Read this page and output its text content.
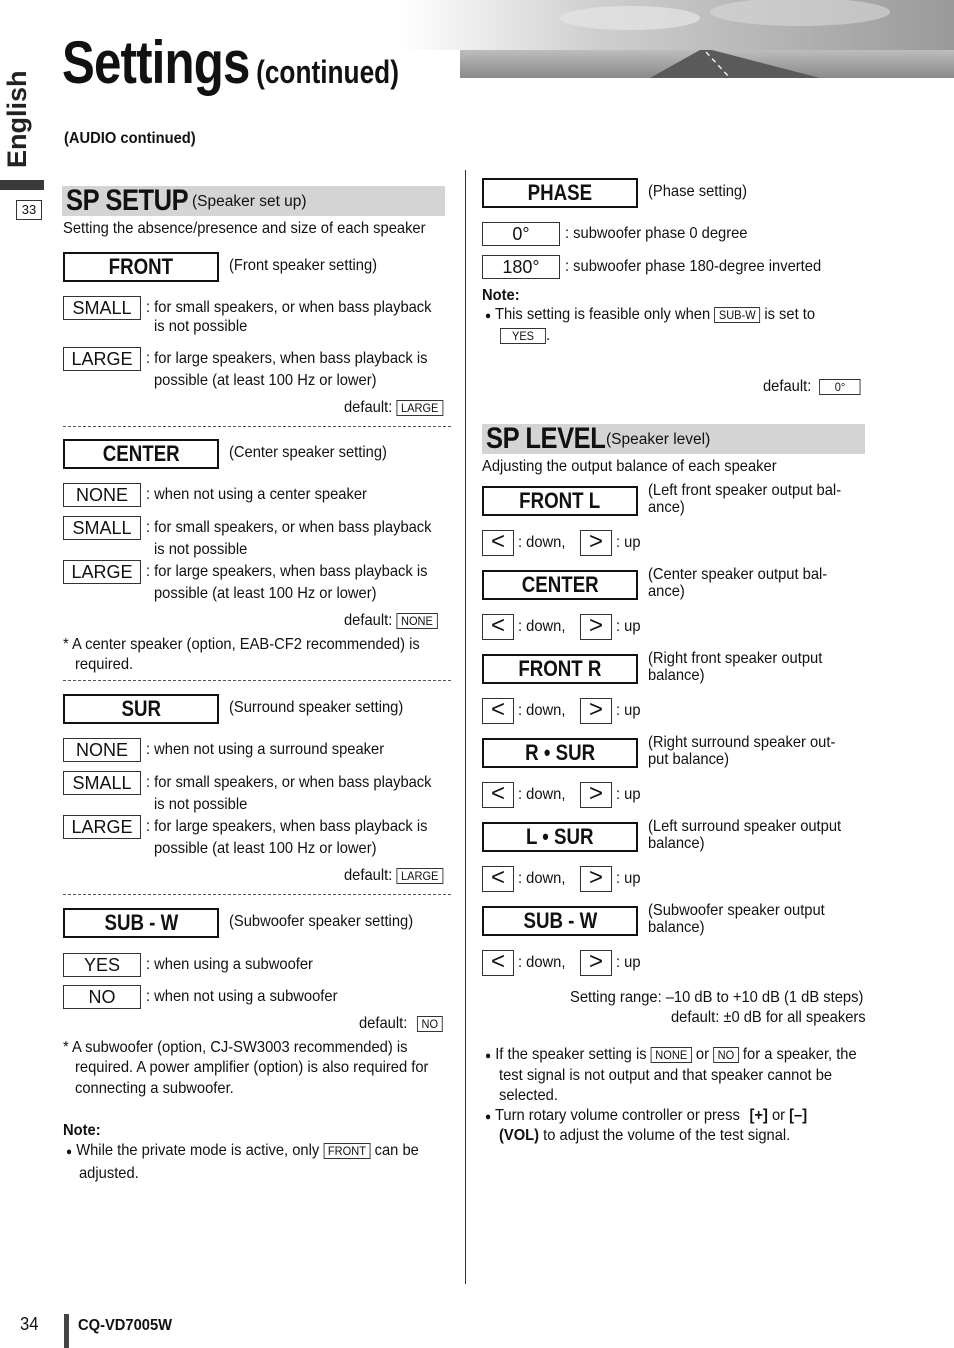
Settings (continued)
English
33
(AUDIO continued)
SP SETUP (Speaker set up)
Setting the absence/presence and size of each speaker
FRONT	(Front speaker setting)
SMALL : for small speakers, or when bass playback
is not possible
LARGE : for large speakers, when bass playback is
possible (at least 100 Hz or lower)
default: LARGE
CENTER	(Center speaker setting)
NONE	: when not using a center speaker
SMALL : for small speakers, or when bass playback
is not possible
LARGE : for large speakers, when bass playback is
possible (at least 100 Hz or lower)
default: NONE
* A center speaker (option, EAB-CF2 recommended) is
required.
SUR	(Surround speaker setting)
NONE	: when not using a surround speaker
SMALL : for small speakers, or when bass playback
is not possible
LARGE : for large speakers, when bass playback is
possible (at least 100 Hz or lower)
default: LARGE
SUB - W	(Subwoofer speaker setting)
YES	: when using a subwoofer
NO	: when not using a subwoofer
default: NO
* A subwoofer (option, CJ-SW3003 recommended) is
required. A power amplifier (option) is also required for
connecting a subwoofer.
Note:
● While the private mode is active, only FRONT can be
adjusted.
PHASE	(Phase setting)
0°	: subwoofer phase 0 degree
180°	: subwoofer phase 180-degree inverted
Note:
● This setting is feasible only when SUB-W is set to
YES .
default: 0°
SP LEVEL (Speaker level)
Adjusting the output balance of each speaker
FRONT L	(Left front speaker output bal-
ance)
< : down, > : up
CENTER	(Center speaker output bal-
ance)
< : down, > : up
FRONT R	(Right front speaker output
balance)
< : down, > : up
R • SUR	(Right surround speaker out-
put balance)
< : down, > : up
L • SUR	(Left surround speaker output
balance)
< : down, > : up
SUB - W	(Subwoofer speaker output
balance)
< : down, > : up
Setting range: –10 dB to +10 dB (1 dB steps)
default: ±0 dB for all speakers
● If the speaker setting is NONE or NO for a speaker, the
test signal is not output and that speaker cannot be
selected.
● Turn rotary volume controller or press [+] or [–]
(VOL) to adjust the volume of the test signal.
34 CQ-VD7005W
